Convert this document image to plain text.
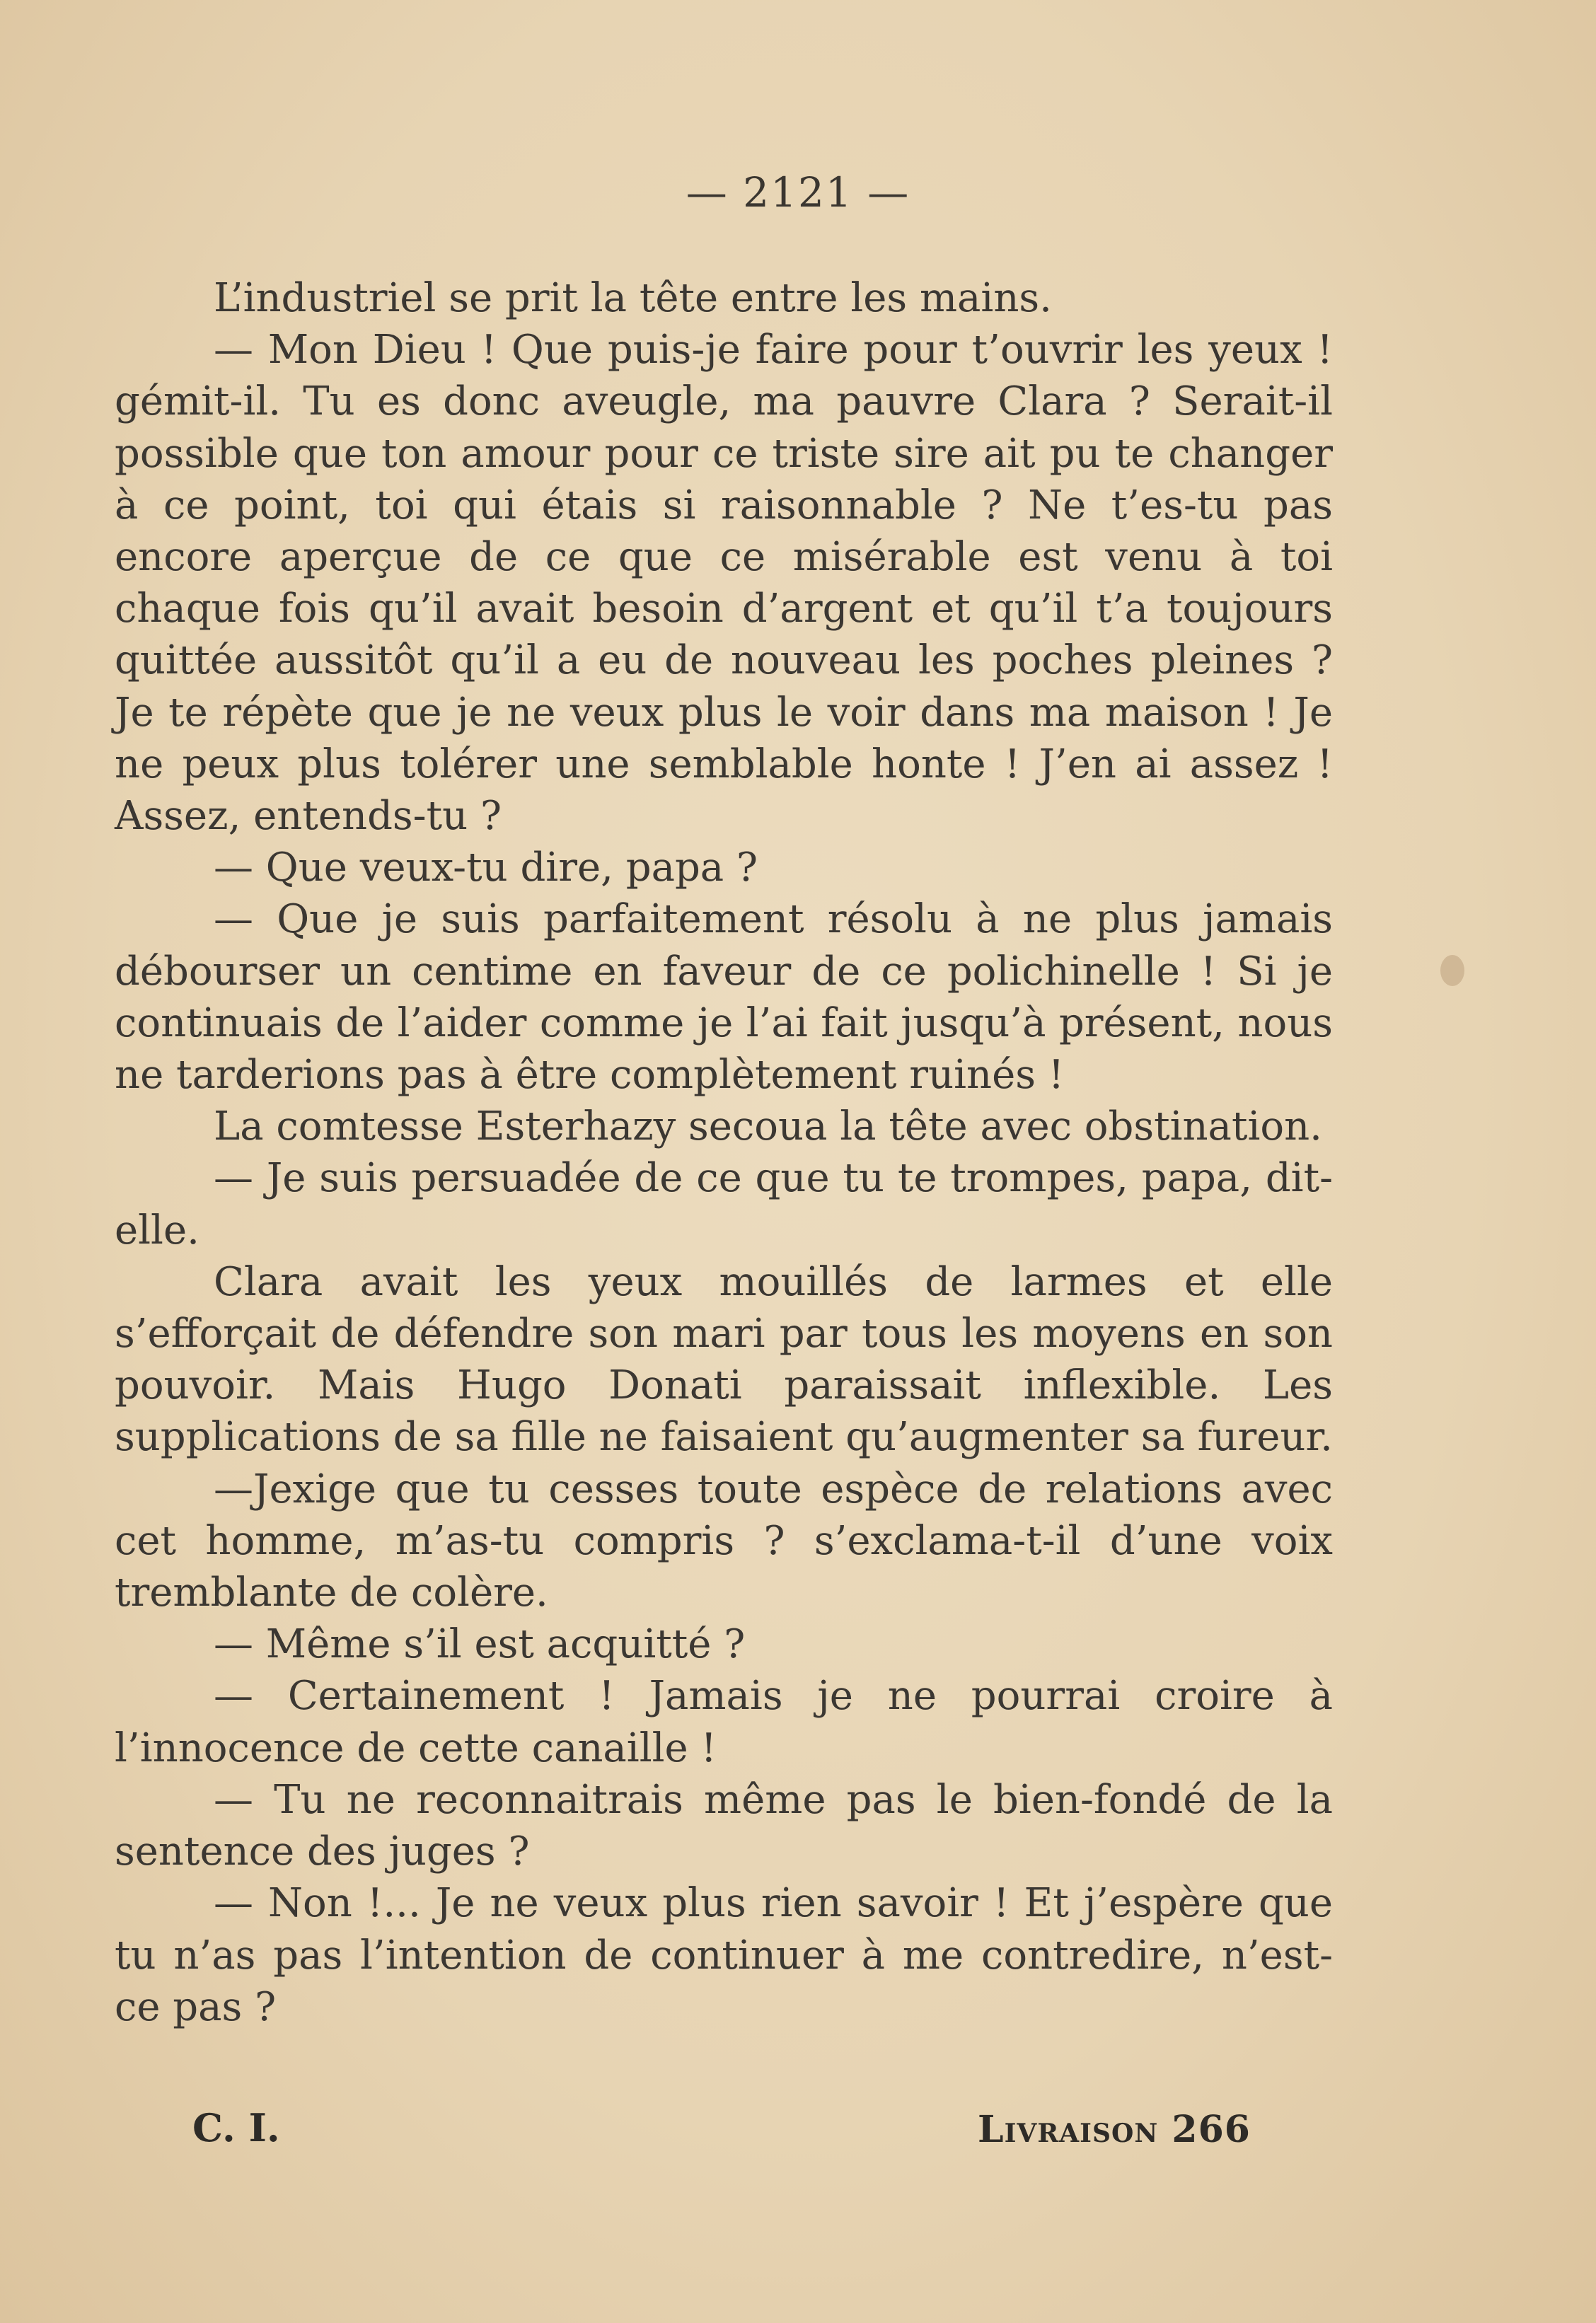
— 2121 —

L’industriel se prit la tête entre les mains.

— Mon Dieu ! Que puis-je faire pour t’ouvrir les yeux ! gémit-il. Tu es donc aveugle, ma pauvre Clara ? Serait-il possible que ton amour pour ce triste sire ait pu te changer à ce point, toi qui étais si raisonnable ? Ne t’es-tu pas encore aperçue de ce que ce misérable est venu à toi chaque fois qu’il avait besoin d’argent et qu’il t’a toujours quittée aussitôt qu’il a eu de nouveau les poches pleines ? Je te répète que je ne veux plus le voir dans ma maison ! Je ne peux plus tolérer une semblable honte ! J’en ai assez ! Assez, entends-tu ?

— Que veux-tu dire, papa ?

— Que je suis parfaitement résolu à ne plus jamais débourser un centime en faveur de ce polichinelle ! Si je continuais de l’aider comme je l’ai fait jusqu’à présent, nous ne tarderions pas à être complètement ruinés !

La comtesse Esterhazy secoua la tête avec obstination.

— Je suis persuadée de ce que tu te trompes, papa, dit-elle.

Clara avait les yeux mouillés de larmes et elle s’efforçait de défendre son mari par tous les moyens en son pouvoir. Mais Hugo Donati paraissait inflexible. Les supplications de sa fille ne faisaient qu’augmenter sa fureur.

—Jexige que tu cesses toute espèce de relations avec cet homme, m’as-tu compris ? s’exclama-t-il d’une voix tremblante de colère.

— Même s’il est acquitté ?

— Certainement ! Jamais je ne pourrai croire à l’innocence de cette canaille !

— Tu ne reconnaitrais même pas le bien-fondé de la sentence des juges ?

— Non !... Je ne veux plus rien savoir ! Et j’espère que tu n’as pas l’intention de continuer à me contredire, n’est-ce pas ?

C. I.	Livraison 266
